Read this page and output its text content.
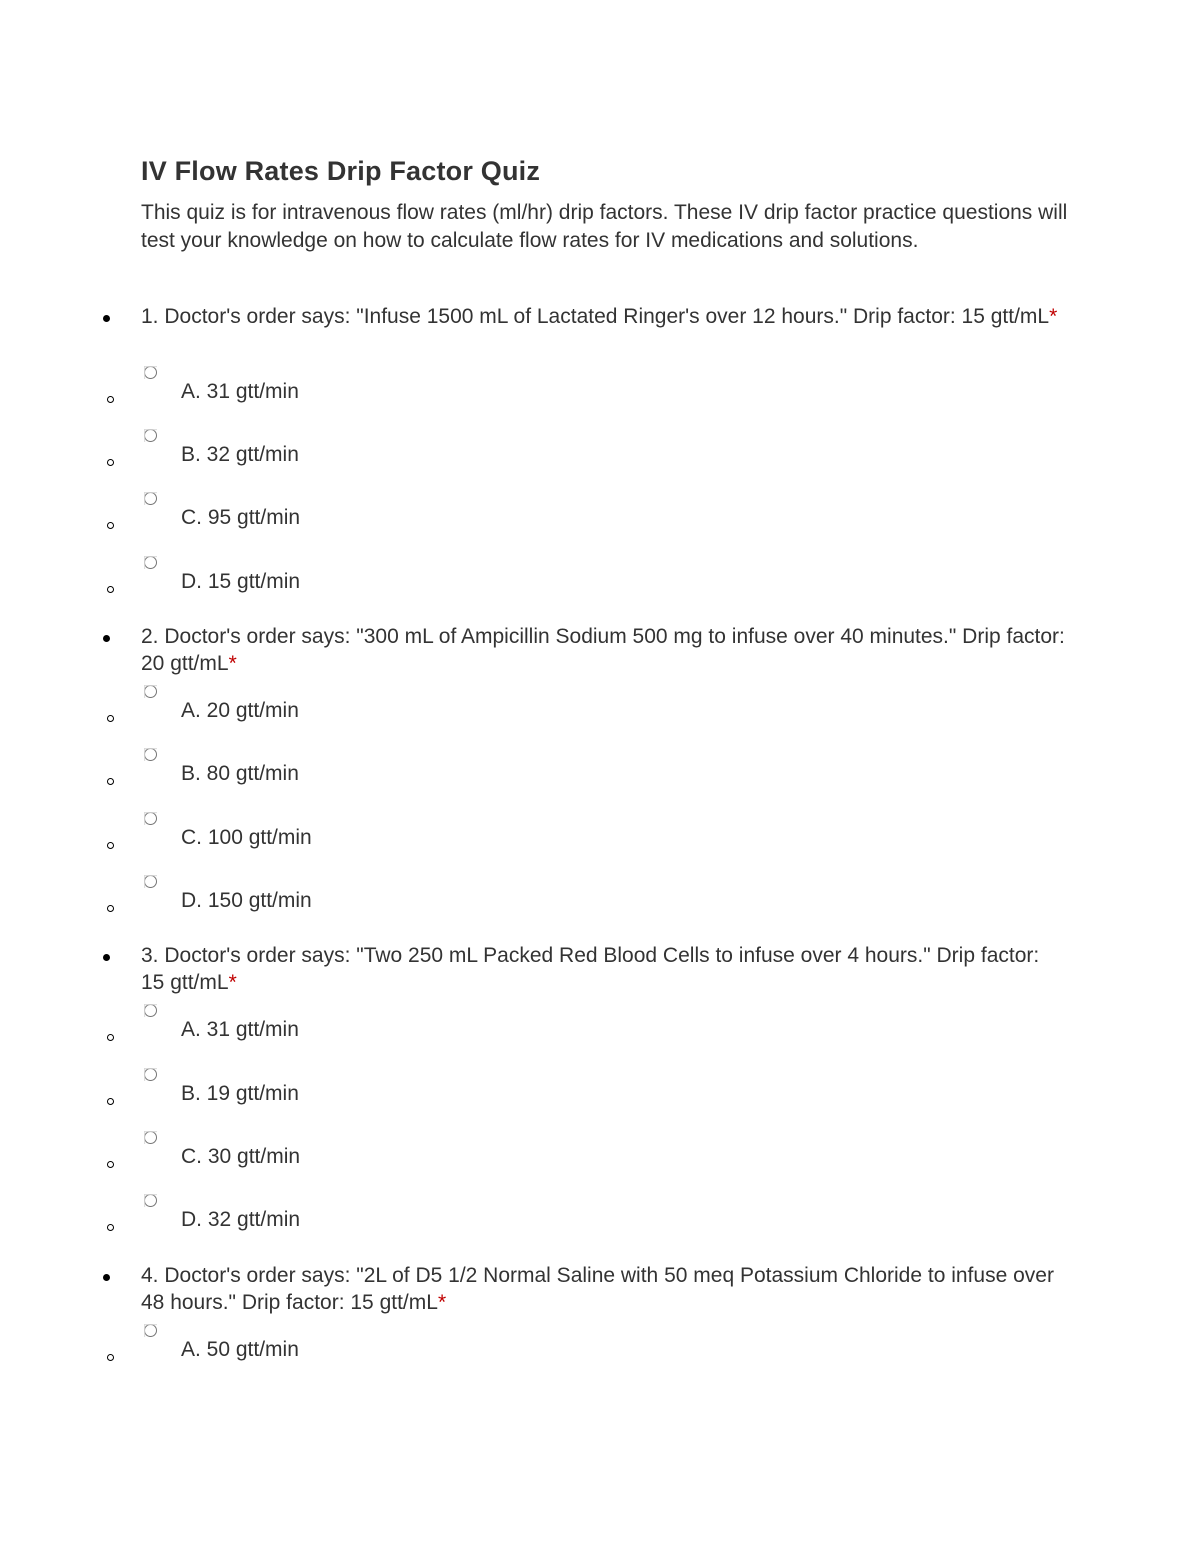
IV Flow Rates Drip Factor Quiz

This quiz is for intravenous flow rates (ml/hr) drip factors. These IV drip factor practice questions will test your knowledge on how to calculate flow rates for IV medications and solutions.

1. Doctor's order says: "Infuse 1500 mL of Lactated Ringer's over 12 hours." Drip factor: 15 gtt/mL*

A. 31 gtt/min
B. 32 gtt/min
C. 95 gtt/min
D. 15 gtt/min

2. Doctor's order says: "300 mL of Ampicillin Sodium 500 mg to infuse over 40 minutes." Drip factor: 20 gtt/mL*

A. 20 gtt/min
B. 80 gtt/min
C. 100 gtt/min
D. 150 gtt/min

3. Doctor's order says: "Two 250 mL Packed Red Blood Cells to infuse over 4 hours." Drip factor: 15 gtt/mL*

A. 31 gtt/min
B. 19 gtt/min
C. 30 gtt/min
D. 32 gtt/min

4. Doctor's order says: "2L of D5 1/2 Normal Saline with 50 meq Potassium Chloride to infuse over 48 hours." Drip factor: 15 gtt/mL*

A. 50 gtt/min
